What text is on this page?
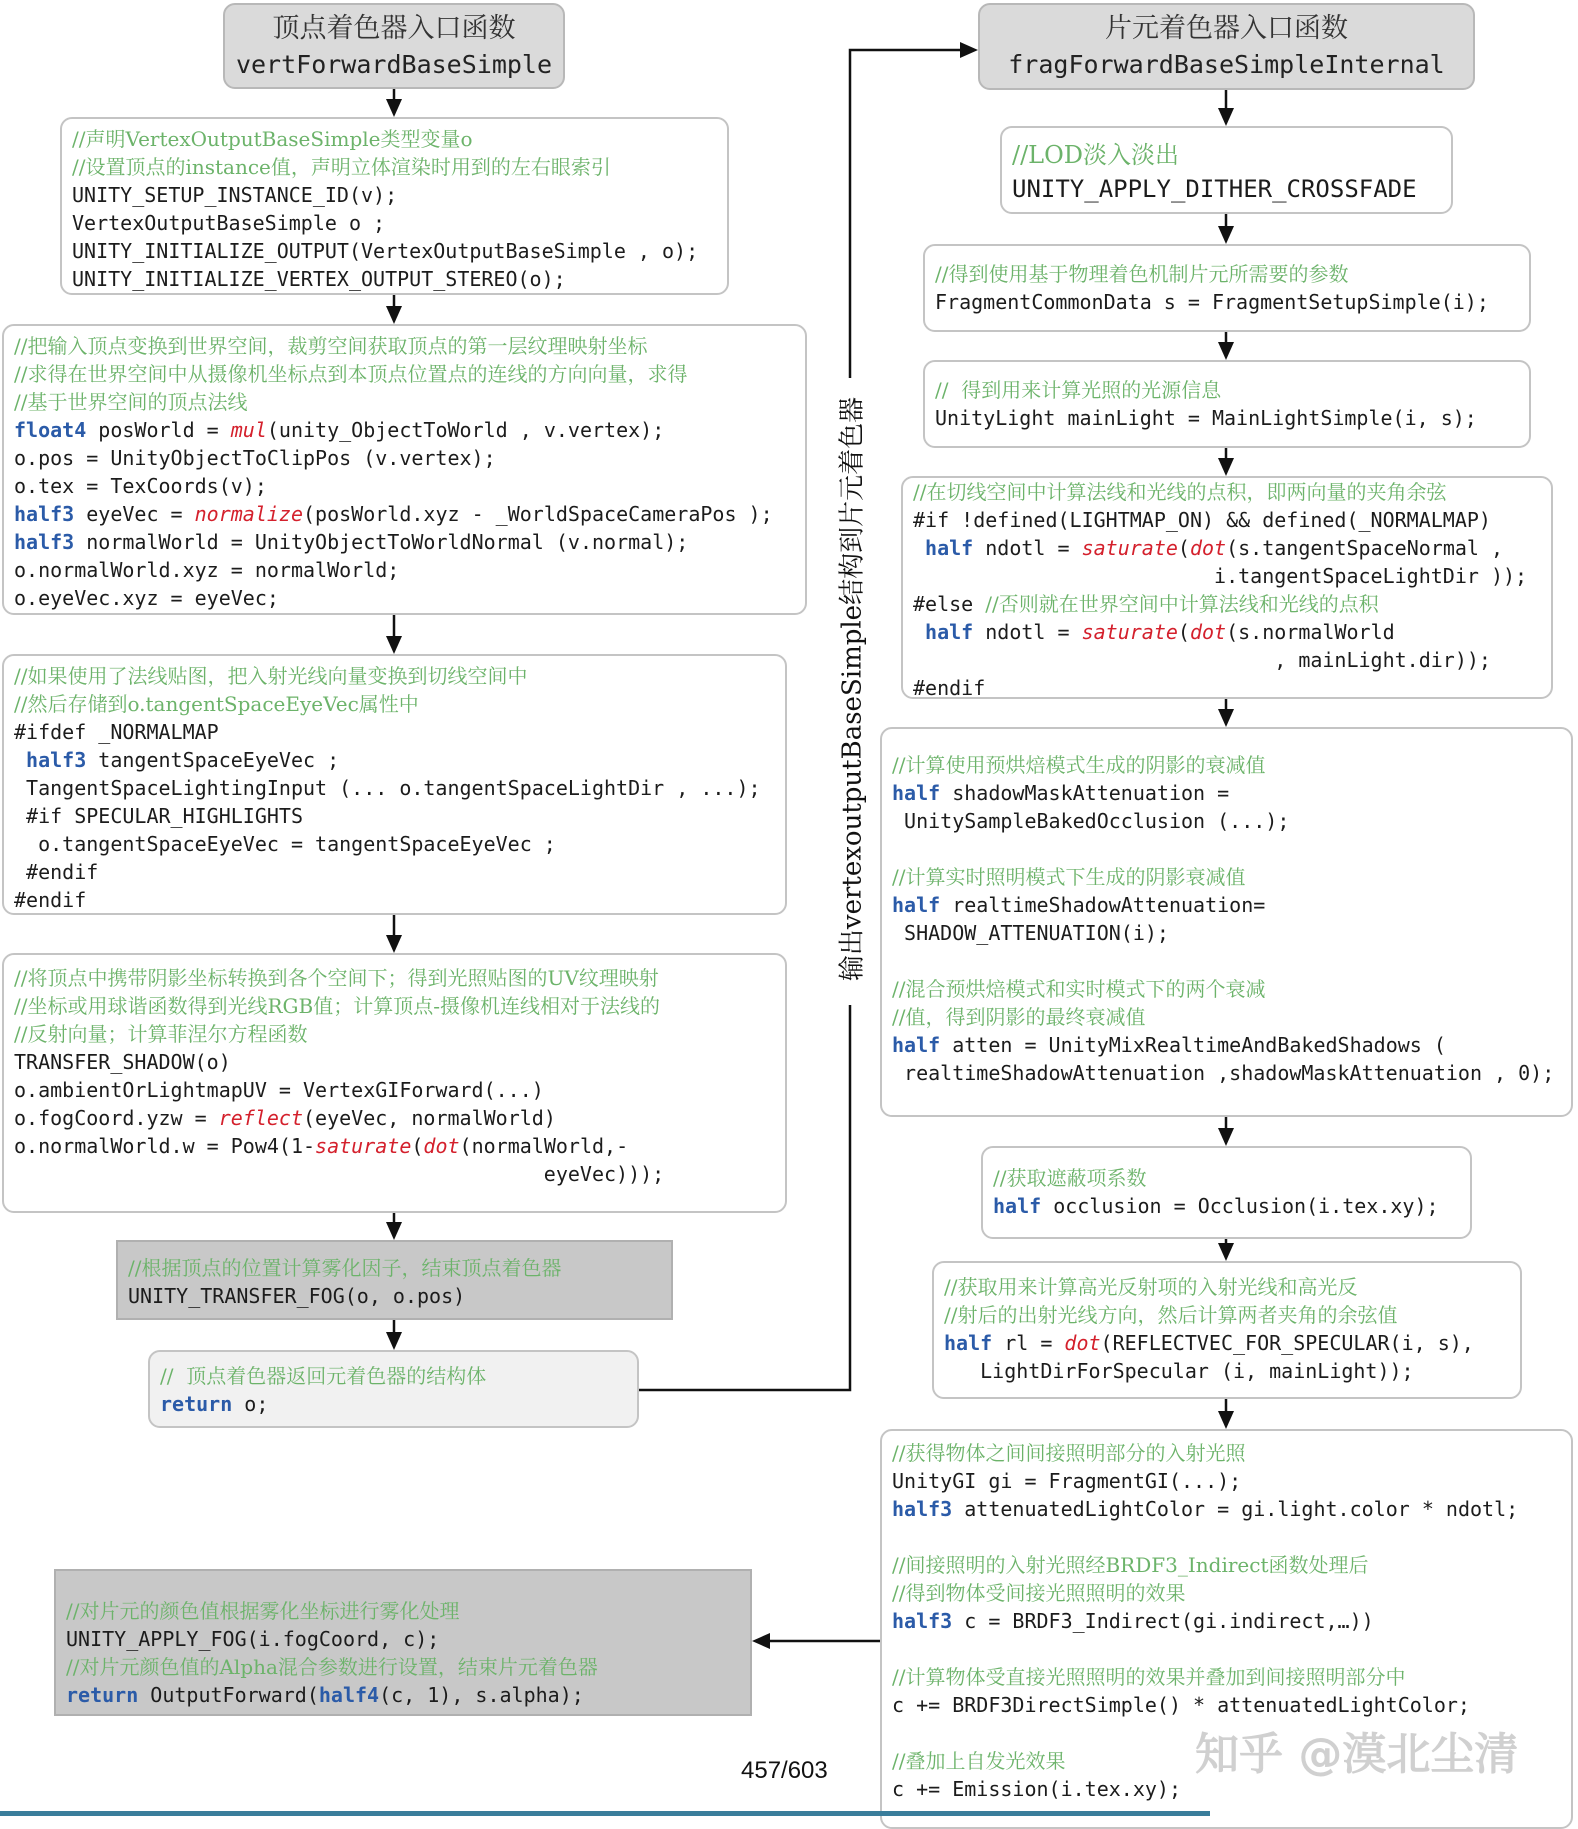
顶点着色器入口函数
vertForwardBaseSimple
//声明VertexOutputBaseSimple类型变量o
//设置顶点的instance值，声明立体渲染时用到的左右眼索引
UNITY_SETUP_INSTANCE_ID(v);
VertexOutputBaseSimple o ;
UNITY_INITIALIZE_OUTPUT(VertexOutputBaseSimple , o);
UNITY_INITIALIZE_VERTEX_OUTPUT_STEREO(o);
//把输入顶点变换到世界空间，裁剪空间获取顶点的第一层纹理映射坐标
//求得在世界空间中从摄像机坐标点到本顶点位置点的连线的方向向量，求得
//基于世界空间的顶点法线
float4 posWorld = mul(unity_ObjectToWorld , v.vertex);
o.pos = UnityObjectToClipPos (v.vertex);
o.tex = TexCoords(v);
half3 eyeVec = normalize(posWorld.xyz - _WorldSpaceCameraPos );
half3 normalWorld = UnityObjectToWorldNormal (v.normal);
o.normalWorld.xyz = normalWorld;
o.eyeVec.xyz = eyeVec;
//如果使用了法线贴图，把入射光线向量变换到切线空间中
//然后存储到o.tangentSpaceEyeVec属性中
#ifdef _NORMALMAP
half3 tangentSpaceEyeVec ;
TangentSpaceLightingInput (... o.tangentSpaceLightDir , ...);
#if SPECULAR_HIGHLIGHTS
o.tangentSpaceEyeVec = tangentSpaceEyeVec ;
#endif
#endif
//将顶点中携带阴影坐标转换到各个空间下；得到光照贴图的UV纹理映射
//坐标或用球谐函数得到光线RGB值；计算顶点-摄像机连线相对于法线的
//反射向量；计算菲涅尔方程函数
TRANSFER_SHADOW(o)
o.ambientOrLightmapUV = VertexGIForward(...)
o.fogCoord.yzw = reflect(eyeVec, normalWorld)
o.normalWorld.w = Pow4(1-saturate(dot(normalWorld,-
eyeVec)));
//根据顶点的位置计算雾化因子，结束顶点着色器
UNITY_TRANSFER_FOG(o, o.pos)
//  顶点着色器返回元着色器的结构体
return o;
输出vertexoutputBaseSimple结构到片元着色器
片元着色器入口函数
fragForwardBaseSimpleInternal
//LOD淡入淡出
UNITY_APPLY_DITHER_CROSSFADE
//得到使用基于物理着色机制片元所需要的参数
FragmentCommonData s = FragmentSetupSimple(i);
//  得到用来计算光照的光源信息
UnityLight mainLight = MainLightSimple(i, s);
//在切线空间中计算法线和光线的点积，即两向量的夹角余弦
#if !defined(LIGHTMAP_ON) && defined(_NORMALMAP)
half ndotl = saturate(dot(s.tangentSpaceNormal ,
i.tangentSpaceLightDir ));
#else //否则就在世界空间中计算法线和光线的点积
half ndotl = saturate(dot(s.normalWorld
, mainLight.dir));
#endif
//计算使用预烘焙模式生成的阴影的衰减值
half shadowMaskAttenuation =
UnitySampleBakedOcclusion (...);
//计算实时照明模式下生成的阴影衰减值
half realtimeShadowAttenuation=
SHADOW_ATTENUATION(i);
//混合预烘焙模式和实时模式下的两个衰减
//值，得到阴影的最终衰减值
half atten = UnityMixRealtimeAndBakedShadows (
realtimeShadowAttenuation ,shadowMaskAttenuation , 0);
//获取遮蔽项系数
half occlusion = Occlusion(i.tex.xy);
//获取用来计算高光反射项的入射光线和高光反
//射后的出射光线方向，然后计算两者夹角的余弦值
half rl = dot(REFLECTVEC_FOR_SPECULAR(i, s),
LightDirForSpecular (i, mainLight));
//获得物体之间间接照明部分的入射光照
UnityGI gi = FragmentGI(...);
half3 attenuatedLightColor = gi.light.color * ndotl;
//间接照明的入射光照经BRDF3_Indirect函数处理后
//得到物体受间接光照照明的效果
half3 c = BRDF3_Indirect(gi.indirect,…))
//计算物体受直接光照照明的效果并叠加到间接照明部分中
c += BRDF3DirectSimple() * attenuatedLightColor;
//叠加上自发光效果
c += Emission(i.tex.xy);
//对片元的颜色值根据雾化坐标进行雾化处理
UNITY_APPLY_FOG(i.fogCoord, c);
//对片元颜色值的Alpha混合参数进行设置，结束片元着色器
return OutputForward(half4(c, 1), s.alpha);
457/603	知乎 @漠北尘清
